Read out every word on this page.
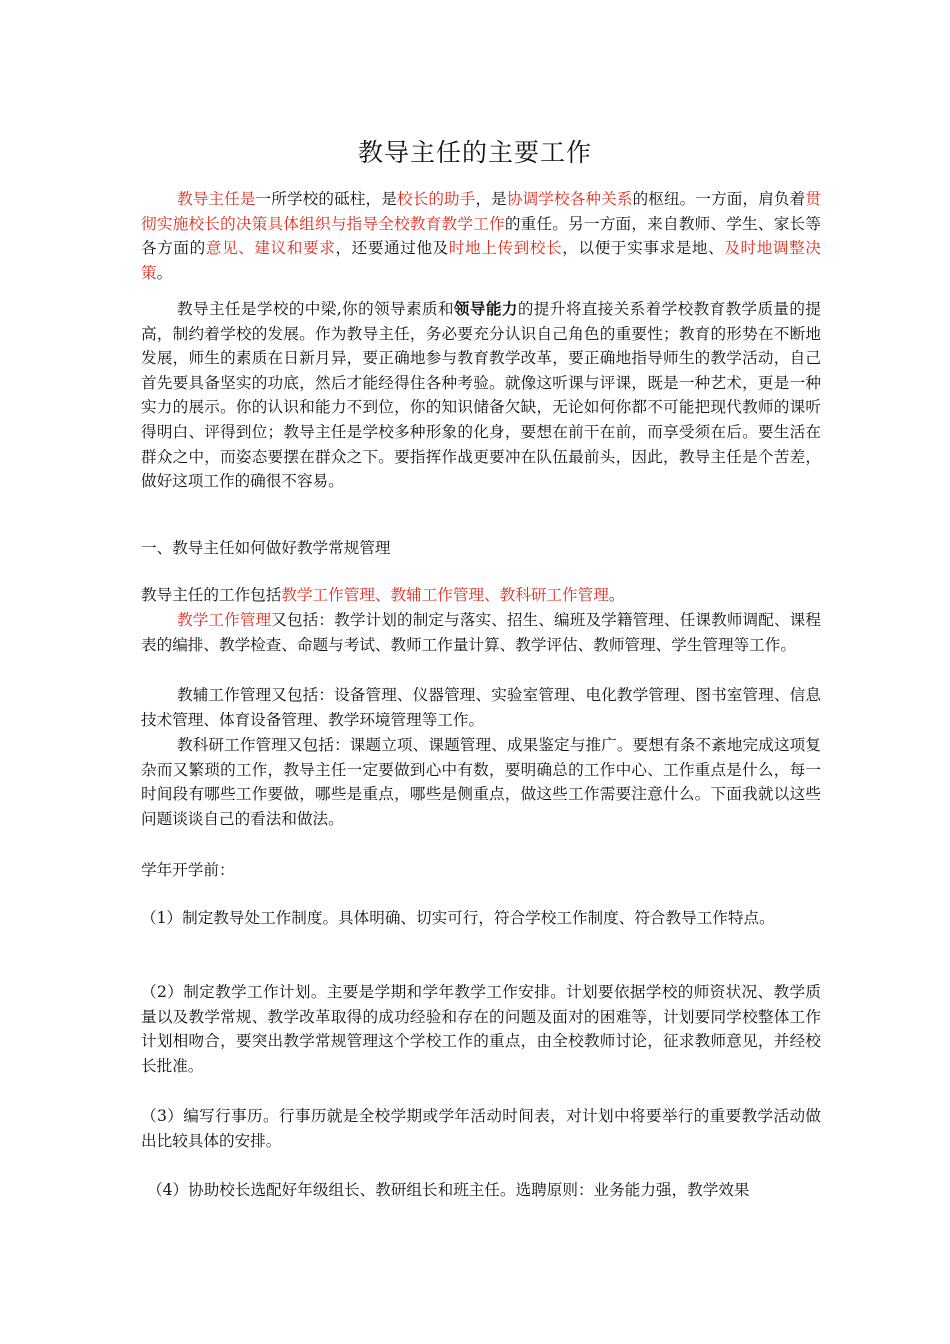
教导主任的主要工作
教导主任是一所学校的砥柱，是校长的助手，是协调学校各种关系的枢纽。一方面，肩负着贯彻实施校长的决策具体组织与指导全校教育教学工作的重任。另一方面，来自教师、学生、家长等各方面的意见、建议和要求，还要通过他及时地上传到校长，以便于实事求是地、及时地调整决策。
教导主任是学校的中梁,你的领导素质和领导能力的提升将直接关系着学校教育教学质量的提高，制约着学校的发展。作为教导主任，务必要充分认识自己角色的重要性；教育的形势在不断地发展，师生的素质在日新月异，要正确地参与教育教学改革，要正确地指导师生的教学活动，自己首先要具备坚实的功底，然后才能经得住各种考验。就像这听课与评课，既是一种艺术，更是一种实力的展示。你的认识和能力不到位，你的知识储备欠缺，无论如何你都不可能把现代教师的课听得明白、评得到位；教导主任是学校多种形象的化身，要想在前干在前，而享受须在后。要生活在群众之中，而姿态要摆在群众之下。要指挥作战更要冲在队伍最前头，因此，教导主任是个苦差，做好这项工作的确很不容易。
一、教导主任如何做好教学常规管理
教导主任的工作包括教学工作管理、教辅工作管理、教科研工作管理。
教学工作管理又包括：教学计划的制定与落实、招生、编班及学籍管理、任课教师调配、课程表的编排、教学检查、命题与考试、教师工作量计算、教学评估、教师管理、学生管理等工作。
教辅工作管理又包括：设备管理、仪器管理、实验室管理、电化教学管理、图书室管理、信息技术管理、体育设备管理、教学环境管理等工作。
教科研工作管理又包括：课题立项、课题管理、成果鉴定与推广。要想有条不紊地完成这项复杂而又繁琐的工作，教导主任一定要做到心中有数，要明确总的工作中心、工作重点是什么，每一时间段有哪些工作要做，哪些是重点，哪些是侧重点，做这些工作需要注意什么。下面我就以这些问题谈谈自己的看法和做法。
学年开学前：
（1）制定教导处工作制度。具体明确、切实可行，符合学校工作制度、符合教导工作特点。
（2）制定教学工作计划。主要是学期和学年教学工作安排。计划要依据学校的师资状况、教学质量以及教学常规、教学改革取得的成功经验和存在的问题及面对的困难等，计划要同学校整体工作计划相吻合，要突出教学常规管理这个学校工作的重点，由全校教师讨论，征求教师意见，并经校长批准。
（3）编写行事历。行事历就是全校学期或学年活动时间表，对计划中将要举行的重要教学活动做出比较具体的安排。
（4）协助校长选配好年级组长、教研组长和班主任。选聘原则：业务能力强，教学效果
